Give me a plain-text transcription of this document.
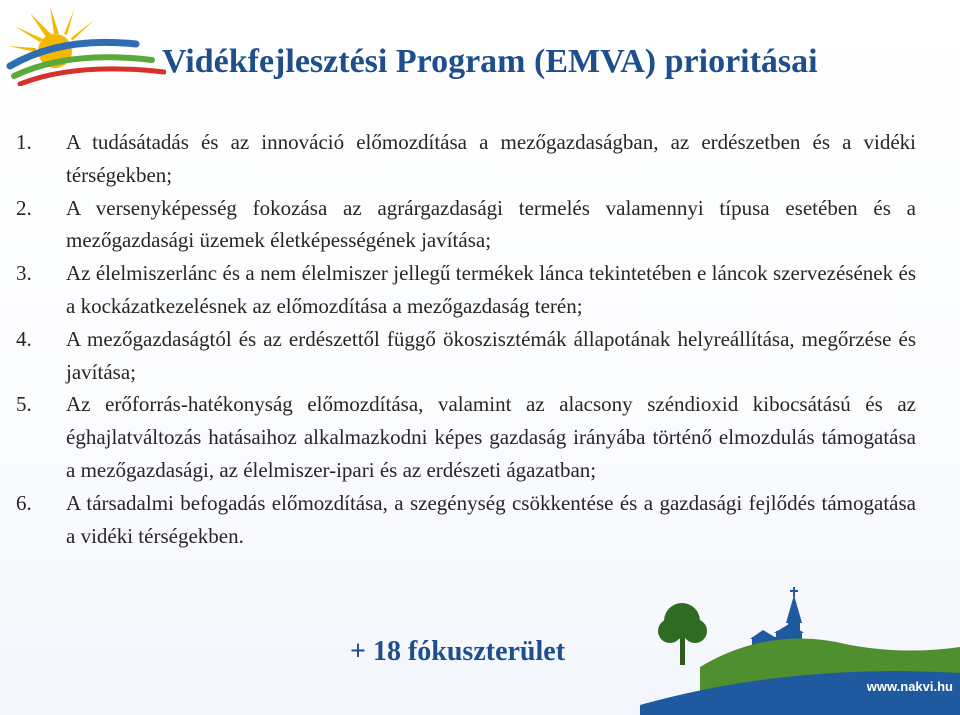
Vidékfejlesztési Program (EMVA) prioritásai
1. A tudásátadás és az innováció előmozdítása a mezőgazdaságban, az erdészetben és a vidéki térségekben;
2. A versenyképesség fokozása az agrárgazdasági termelés valamennyi típusa esetében és a mezőgazdasági üzemek életképességének javítása;
3. Az élelmiszerlánc és a nem élelmiszer jellegű termékek lánca tekintetében e láncok szervezésének és a kockázatkezelésnek az előmozdítása a mezőgazdaság terén;
4. A mezőgazdaságtól és az erdészettől függő ökoszisztémák állapotának helyreállítása, megőrzése és javítása;
5. Az erőforrás-hatékonyság előmozdítása, valamint az alacsony széndioxid kibocsátású és az éghajlatváltozás hatásaihoz alkalmazkodni képes gazdaság irányába történő elmozdulás támogatása a mezőgazdasági, az élelmiszer-ipari és az erdészeti ágazatban;
6. A társadalmi befogadás előmozdítása, a szegénység csökkentése és a gazdasági fejlődés támogatása a vidéki térségekben.
+ 18 fókuszterület
www.nakvi.hu
